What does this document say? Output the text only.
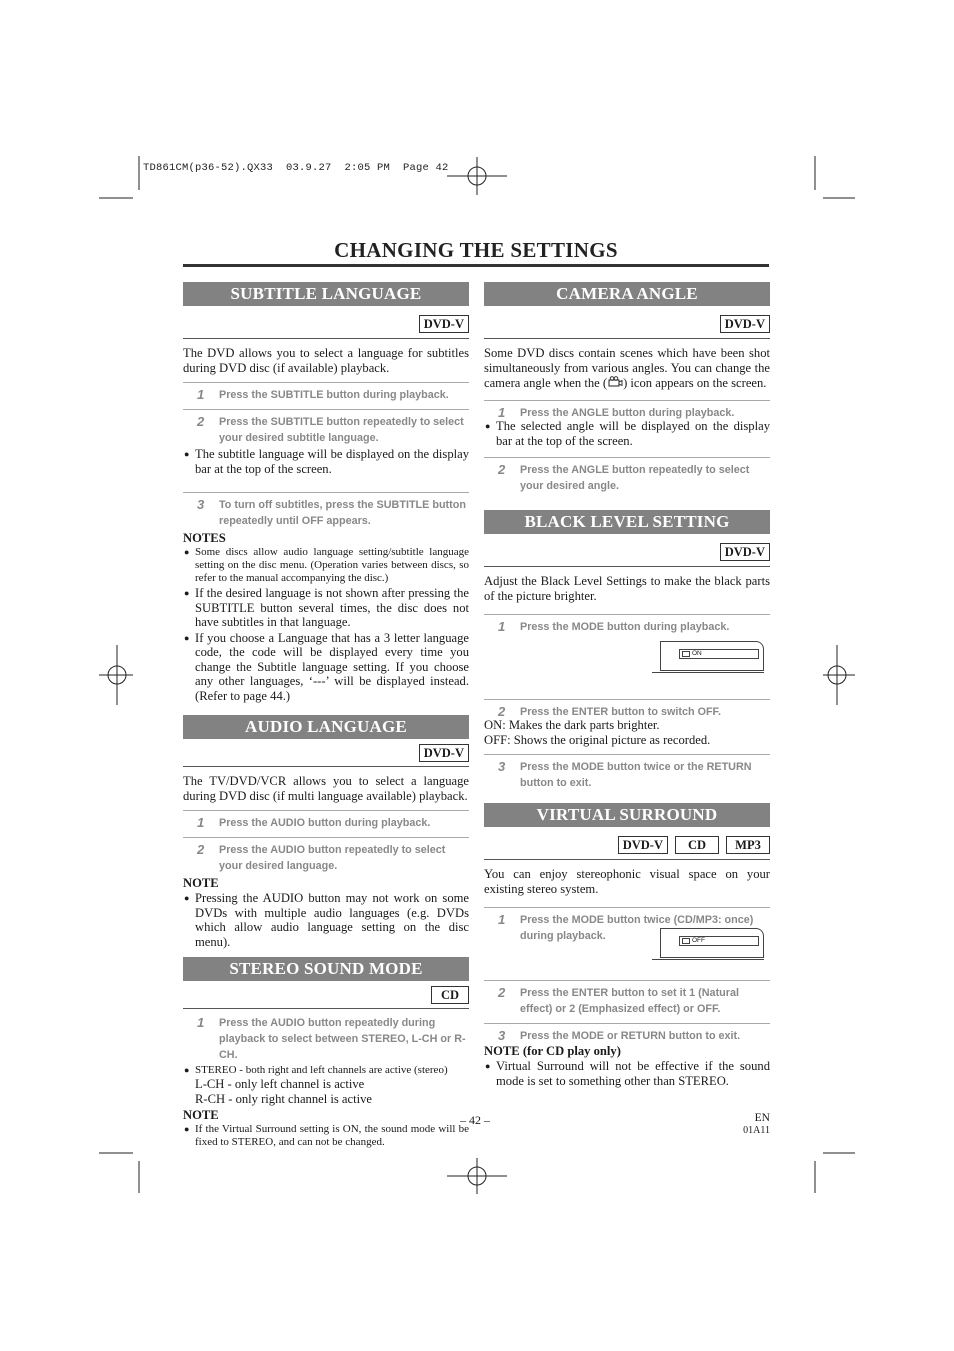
TD861CM(p36-52).QX33  03.9.27  2:05 PM  Page 42
CHANGING THE SETTINGS
SUBTITLE LANGUAGE
DVD-V

The DVD allows you to select a language for subtitles during DVD disc (if available) playback.

1	Press the SUBTITLE button during playback.
2	Press the SUBTITLE button repeatedly to select your desired subtitle language.
● The subtitle language will be displayed on the display bar at the top of the screen.
3	To turn off subtitles, press the SUBTITLE button repeatedly until OFF appears.
NOTES
● Some discs allow audio language setting/subtitle language setting on the disc menu. (Operation varies between discs, so refer to the manual accompanying the disc.)
● If the desired language is not shown after pressing the SUBTITLE button several times, the disc does not have subtitles in that language.
● If you choose a Language that has a 3 letter language code, the code will be displayed every time you change the Subtitle language setting. If you choose any other languages, ‘---’ will be displayed instead. (Refer to page 44.)
AUDIO LANGUAGE
DVD-V

The TV/DVD/VCR allows you to select a language during DVD disc (if multi language available) playback.

1	Press the AUDIO button during playback.
2	Press the AUDIO button repeatedly to select your desired language.
NOTE
● Pressing the AUDIO button may not work on some DVDs with multiple audio languages (e.g. DVDs which allow audio language setting on the disc menu).
STEREO SOUND MODE
CD
1	Press the AUDIO button repeatedly during playback to select between STEREO, L-CH or R-CH.
● STEREO - both right and left channels are active (stereo)
L-CH - only left channel is active
R-CH - only right channel is active
NOTE
● If the Virtual Surround setting is ON, the sound mode will be fixed to STEREO, and can not be changed.
CAMERA ANGLE
DVD-V

Some DVD discs contain scenes which have been shot simultaneously from various angles. You can change the camera angle when the ( ) icon appears on the screen.

1	Press the ANGLE button during playback.
● The selected angle will be displayed on the display bar at the top of the screen.
2	Press the ANGLE button repeatedly to select your desired angle.
BLACK LEVEL SETTING
DVD-V

Adjust the Black Level Settings to make the black parts of the picture brighter.

1	Press the MODE button during playback.
ON
2	Press the ENTER button to switch OFF.
ON: Makes the dark parts brighter.
OFF: Shows the original picture as recorded.
3	Press the MODE button twice or the RETURN button to exit.
VIRTUAL SURROUND
DVD-V	CD	MP3

You can enjoy stereophonic visual space on your existing stereo system.

1	Press the MODE button twice (CD/MP3: once) during playback.	OFF
2	Press the ENTER button to set it 1 (Natural effect) or 2 (Emphasized effect) or OFF.
3	Press the MODE or RETURN button to exit.
NOTE (for CD play only)
● Virtual Surround will not be effective if the sound mode is set to something other than STEREO.
– 42 –	EN
01A11
